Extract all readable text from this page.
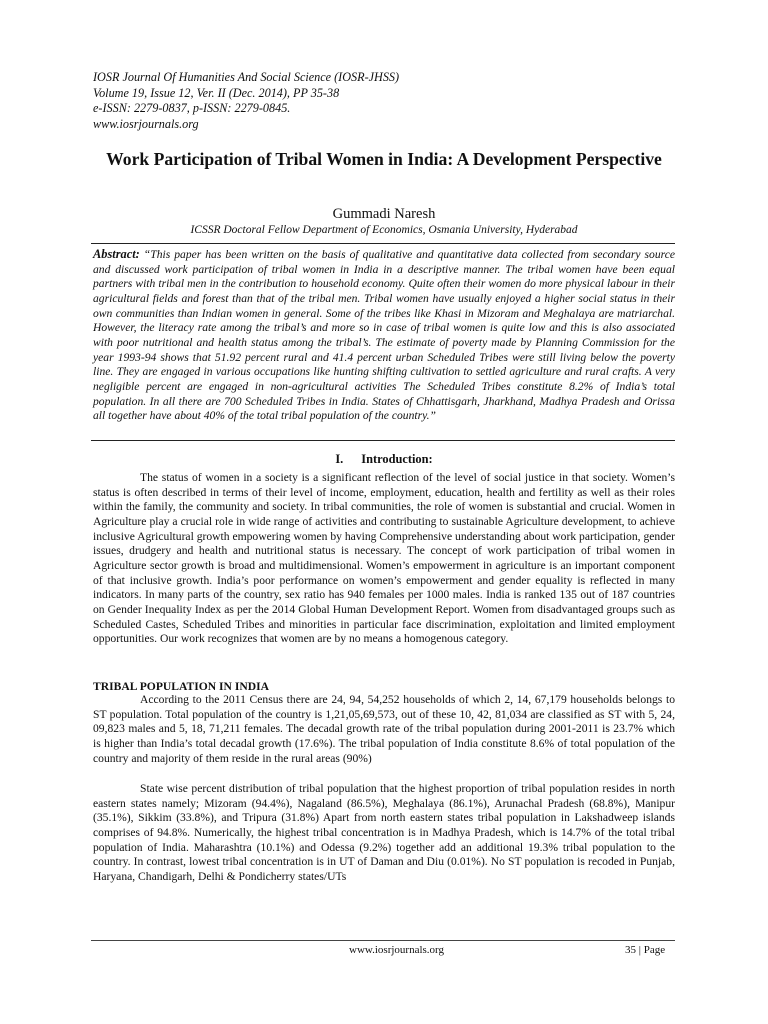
IOSR Journal Of Humanities And Social Science (IOSR-JHSS)
Volume 19, Issue 12, Ver. II (Dec. 2014), PP 35-38
e-ISSN: 2279-0837, p-ISSN: 2279-0845.
www.iosrjournals.org
Work Participation of Tribal Women in India: A Development Perspective
Gummadi Naresh
ICSSR Doctoral Fellow Department of Economics, Osmania University, Hyderabad

Abstract: “This paper has been written on the basis of qualitative and quantitative data collected from secondary source and discussed work participation of tribal women in India in a descriptive manner. The tribal women have been equal partners with tribal men in the contribution to household economy. Quite often their women do more physical labour in their agricultural fields and forest than that of the tribal men. Tribal women have usually enjoyed a higher social status in their own communities than Indian women in general. Some of the tribes like Khasi in Mizoram and Meghalaya are matriarchal. However, the literacy rate among the tribal’s and more so in case of tribal women is quite low and this is also associated with poor nutritional and health status among the tribal’s. The estimate of poverty made by Planning Commission for the year 1993-94 shows that 51.92 percent rural and 41.4 percent urban Scheduled Tribes were still living below the poverty line. They are engaged in various occupations like hunting shifting cultivation to settled agriculture and rural crafts. A very negligible percent are engaged in non-agricultural activities The Scheduled Tribes constitute 8.2% of India’s total population. In all there are 700 Scheduled Tribes in India. States of Chhattisgarh, Jharkhand, Madhya Pradesh and Orissa all together have about 40% of the total tribal population of the country.”

I. Introduction:

The status of women in a society is a significant reflection of the level of social justice in that society. Women’s status is often described in terms of their level of income, employment, education, health and fertility as well as their roles within the family, the community and society. In tribal communities, the role of women is substantial and crucial. Women in Agriculture play a crucial role in wide range of activities and contributing to sustainable Agriculture development, to achieve inclusive Agricultural growth empowering women by having Comprehensive understanding about work participation, gender issues, drudgery and health and nutritional status is necessary. The concept of work participation of tribal women in Agriculture sector growth is broad and multidimensional. Women’s empowerment in agriculture is an important component of that inclusive growth. India’s poor performance on women’s empowerment and gender equality is reflected in many indicators. In many parts of the country, sex ratio has 940 females per 1000 males. India is ranked 135 out of 187 countries on Gender Inequality Index as per the 2014 Global Human Development Report. Women from disadvantaged groups such as Scheduled Castes, Scheduled Tribes and minorities in particular face discrimination, exploitation and limited employment opportunities. Our work recognizes that women are by no means a homogenous category.

TRIBAL POPULATION IN INDIA

According to the 2011 Census there are 24, 94, 54,252 households of which 2, 14, 67,179 households belongs to ST population. Total population of the country is 1,21,05,69,573, out of these 10, 42, 81,034 are classified as ST with 5, 24, 09,823 males and 5, 18, 71,211 females. The decadal growth rate of the tribal population during 2001-2011 is 23.7% which is higher than India’s total decadal growth (17.6%). The tribal population of India constitute 8.6% of total population of the country and majority of them reside in the rural areas (90%)

State wise percent distribution of tribal population that the highest proportion of tribal population resides in north eastern states namely; Mizoram (94.4%), Nagaland (86.5%), Meghalaya (86.1%), Arunachal Pradesh (68.8%), Manipur (35.1%), Sikkim (33.8%), and Tripura (31.8%) Apart from north eastern states tribal population in Lakshadweep islands comprises of 94.8%. Numerically, the highest tribal concentration is in Madhya Pradesh, which is 14.7% of the total tribal population of India. Maharashtra (10.1%) and Odessa (9.2%) together add an additional 19.3% tribal population to the country. In contrast, lowest tribal concentration is in UT of Daman and Diu (0.01%). No ST population is recoded in Punjab, Haryana, Chandigarh, Delhi & Pondicherry states/UTs

www.iosrjournals.org	35 | Page
